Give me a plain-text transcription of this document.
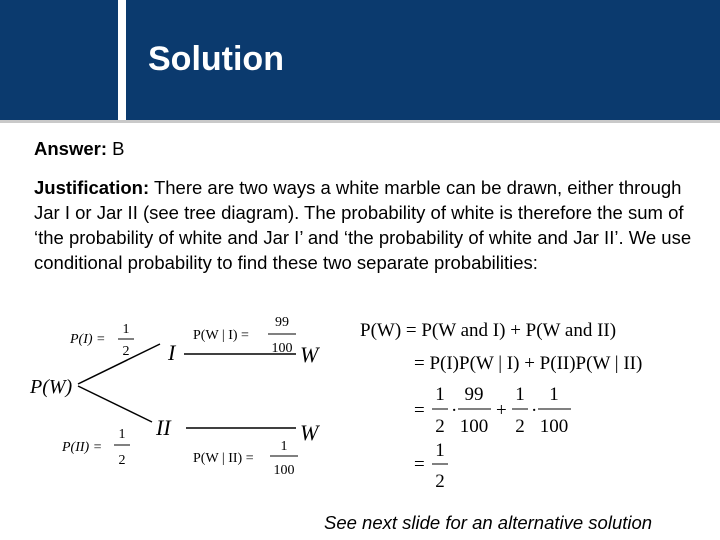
Solution
Answer: B
Justification: There are two ways a white marble can be drawn, either through Jar I or Jar II (see tree diagram). The probability of white is therefore the sum of ‘the probability of white and Jar I’ and ‘the probability of white and Jar II’. We use conditional probability to find these two separate probabilities:
P(I) =
1
2
P(W | I) =
99
100
I	W
P(W)
II	W
P(II) =
1
2	P(W | II) =
1
100
P(W) = P(W and I) + P(W and II)
= P(I)P(W | I) + P(II)P(W | II)
=
1
2
·
99
100
+
1
2
·
1
100
=
1
2
See next slide for an alternative solution
